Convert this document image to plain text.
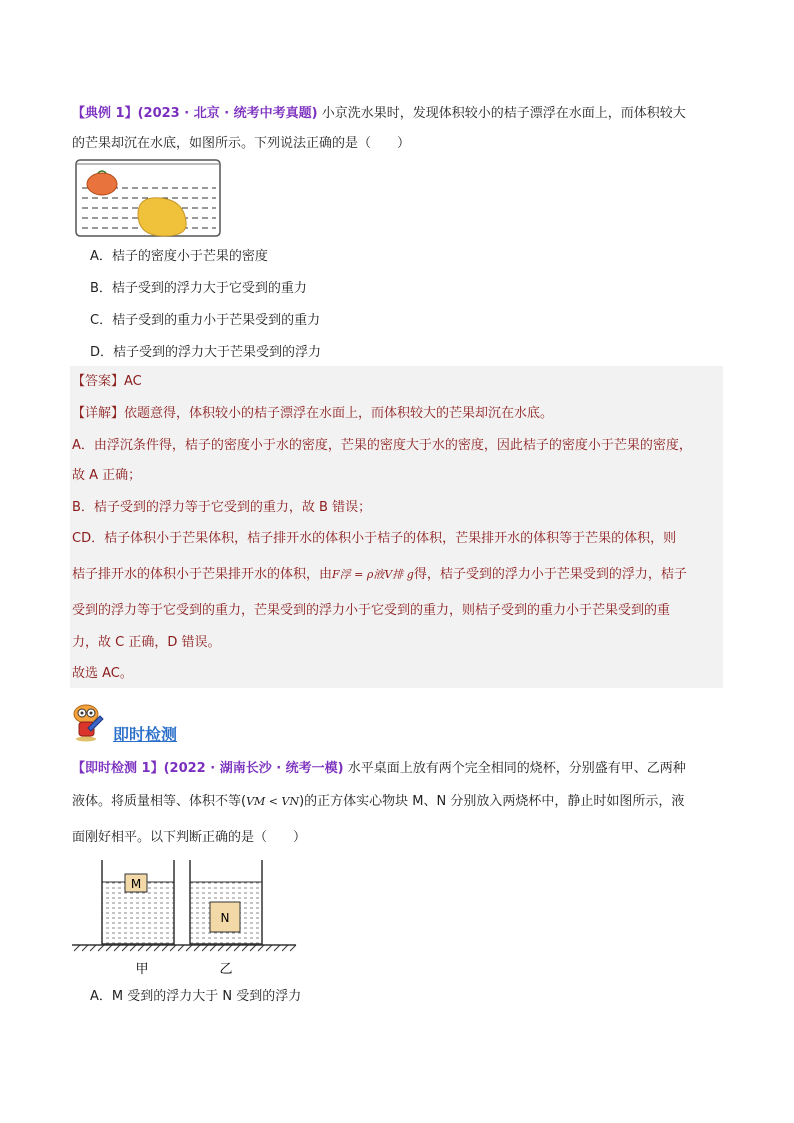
【典例 1】(2023 · 北京 · 统考中考真题) 小京洗水果时，发现体积较小的桔子漂浮在水面上，而体积较大
的芒果却沉在水底，如图所示。下列说法正确的是（　　）
A．桔子的密度小于芒果的密度
B．桔子受到的浮力大于它受到的重力
C．桔子受到的重力小于芒果受到的重力
D．桔子受到的浮力大于芒果受到的浮力
【答案】AC
【详解】依题意得，体积较小的桔子漂浮在水面上，而体积较大的芒果却沉在水底。
A．由浮沉条件得，桔子的密度小于水的密度，芒果的密度大于水的密度，因此桔子的密度小于芒果的密度，
故 A 正确；
B．桔子受到的浮力等于它受到的重力，故 B 错误；
CD．桔子体积小于芒果体积，桔子排开水的体积小于桔子的体积，芒果排开水的体积等于芒果的体积，则
桔子排开水的体积小于芒果排开水的体积，由F浮 = ρ液V排 g得，桔子受到的浮力小于芒果受到的浮力，桔子
受到的浮力等于它受到的重力，芒果受到的浮力小于它受到的重力，则桔子受到的重力小于芒果受到的重
力，故 C 正确，D 错误。
故选 AC。
即时检测
【即时检测 1】(2022 · 湖南长沙 · 统考一模) 水平桌面上放有两个完全相同的烧杯，分别盛有甲、乙两种
液体。将质量相等、体积不等(VM < VN)的正方体实心物块 M、N 分别放入两烧杯中，静止时如图所示，液
面刚好相平。以下判断正确的是（　　）
M
N
甲	乙
A．M 受到的浮力大于 N 受到的浮力
